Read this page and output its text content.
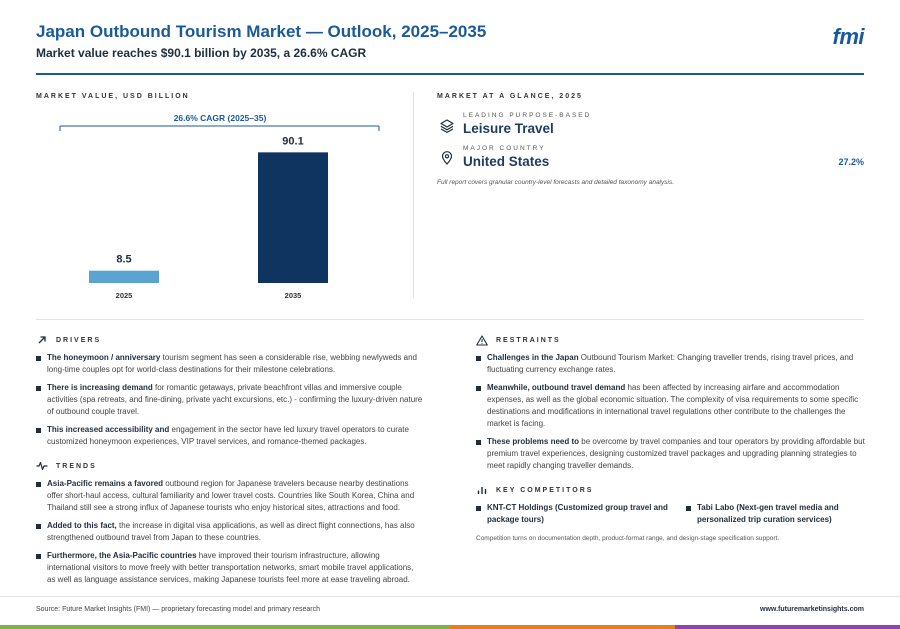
Japan Outbound Tourism Market — Outlook, 2025–2035
Market value reaches $90.1 billion by 2035, a 26.6% CAGR
fmi
MARKET VALUE, USD BILLION
26.6% CAGR (2025–35)
8.5
2025
90.1
2035
MARKET AT A GLANCE, 2025
LEADING PURPOSE-BASED
Leisure Travel
MAJOR COUNTRY
United States	27.2%
Full report covers granular country-level forecasts and detailed taxonomy analysis.
DRIVERS
The honeymoon / anniversary tourism segment has seen a considerable rise, webbing newlyweds and long-time couples opt for world-class destinations for their milestone celebrations.
There is increasing demand for romantic getaways, private beachfront villas and immersive couple activities (spa retreats, and fine-dining, private yacht excursions, etc.) - confirming the luxury-driven nature of outbound couple travel.
This increased accessibility and engagement in the sector have led luxury travel operators to curate customized honeymoon experiences, VIP travel services, and romance-themed packages.
TRENDS
Asia-Pacific remains a favored outbound region for Japanese travelers because nearby destinations offer short-haul access, cultural familiarity and lower travel costs. Countries like South Korea, China and Thailand still see a strong influx of Japanese tourists who enjoy historical sites, attractions and food.
Added to this fact, the increase in digital visa applications, as well as direct flight connections, has also strengthened outbound travel from Japan to these countries.
Furthermore, the Asia-Pacific countries have improved their tourism infrastructure, allowing international visitors to move freely with better transportation networks, smart mobile travel applications, as well as language assistance services, making Japanese tourists feel more at ease traveling abroad.
RESTRAINTS
Challenges in the Japan Outbound Tourism Market: Changing traveller trends, rising travel prices, and fluctuating currency exchange rates.
Meanwhile, outbound travel demand has been affected by increasing airfare and accommodation expenses, as well as the global economic situation. The complexity of visa requirements to some specific destinations and modifications in international travel regulations other contribute to the challenges the market is facing.
These problems need to be overcome by travel companies and tour operators by providing affordable but premium travel experiences, designing customized travel packages and upgrading planning strategies to meet rapidly changing traveller demands.
KEY COMPETITORS
KNT-CT Holdings (Customized group travel and package tours)
Tabi Labo (Next-gen travel media and personalized trip curation services)
Competition turns on documentation depth, product-format range, and design-stage specification support.
Source: Future Market Insights (FMI) — proprietary forecasting model and primary research	www.futuremarketinsights.com
